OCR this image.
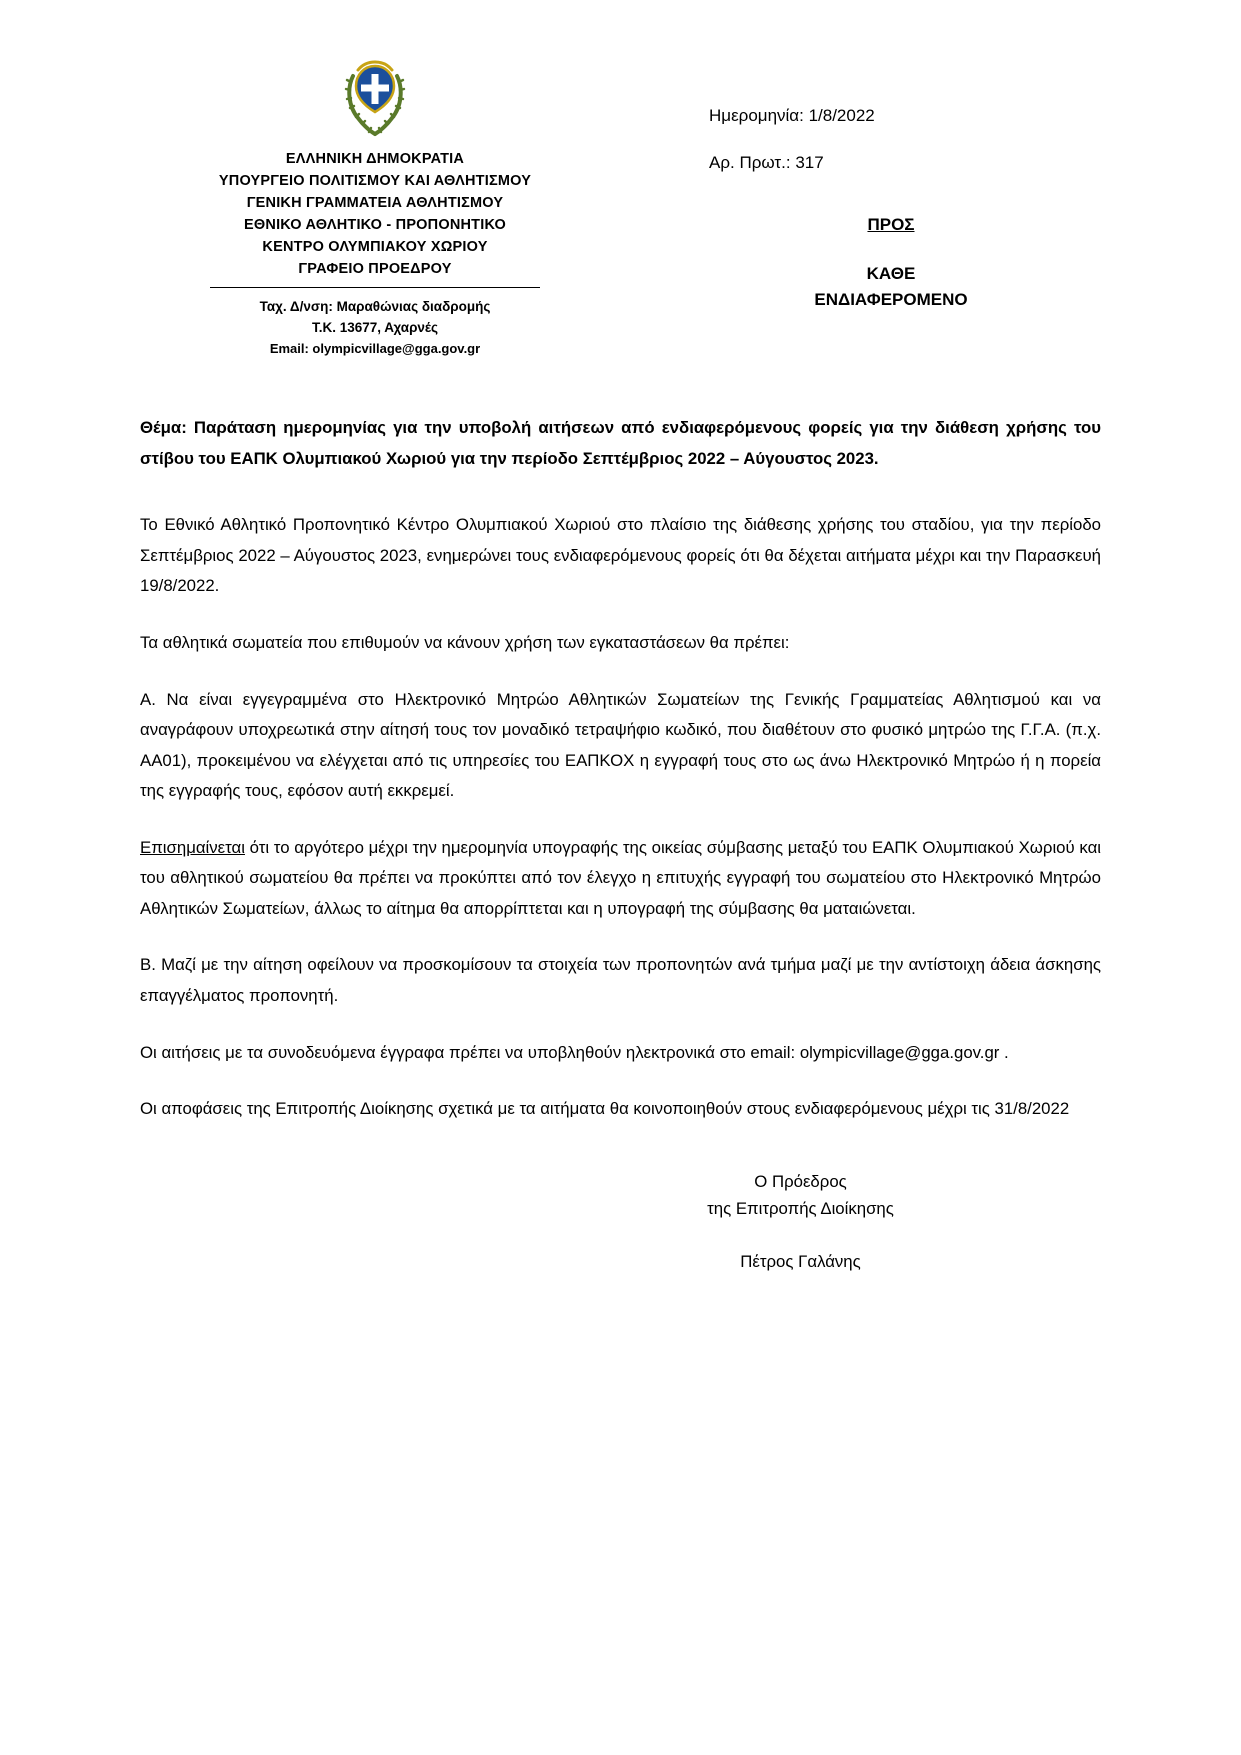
ΕΛΛΗΝΙΚΗ ΔΗΜΟΚΡΑΤΙΑ
ΥΠΟΥΡΓΕΙΟ ΠΟΛΙΤΙΣΜΟΥ ΚΑΙ ΑΘΛΗΤΙΣΜΟΥ
ΓΕΝΙΚΗ ΓΡΑΜΜΑΤΕΙΑ ΑΘΛΗΤΙΣΜΟΥ
ΕΘΝΙΚΟ ΑΘΛΗΤΙΚΟ - ΠΡΟΠΟΝΗΤΙΚΟ
ΚΕΝΤΡΟ ΟΛΥΜΠΙΑΚΟΥ ΧΩΡΙΟΥ
ΓΡΑΦΕΙΟ ΠΡΟΕΔΡΟΥ
Ταχ. Δ/νση: Μαραθώνιας διαδρομής
Τ.Κ. 13677, Αχαρνές
Email: olympicvillage@gga.gov.gr
Ημερομηνία: 1/8/2022
Αρ. Πρωτ.: 317
ΠΡΟΣ
ΚΑΘΕ
ΕΝΔΙΑΦΕΡΟΜΕΝΟ

Θέμα: Παράταση ημερομηνίας για την υποβολή αιτήσεων από ενδιαφερόμενους φορείς για την διάθεση χρήσης του στίβου του ΕΑΠΚ Ολυμπιακού Χωριού για την περίοδο Σεπτέμβριος 2022 – Αύγουστος 2023.

Το Εθνικό Αθλητικό Προπονητικό Κέντρο Ολυμπιακού Χωριού στο πλαίσιο της διάθεσης χρήσης του σταδίου, για την περίοδο Σεπτέμβριος 2022 – Αύγουστος 2023, ενημερώνει τους ενδιαφερόμενους φορείς ότι θα δέχεται αιτήματα μέχρι και την Παρασκευή 19/8/2022.

Τα αθλητικά σωματεία που επιθυμούν να κάνουν χρήση των εγκαταστάσεων θα πρέπει:

Α. Να είναι εγγεγραμμένα στο Ηλεκτρονικό Μητρώο Αθλητικών Σωματείων της Γενικής Γραμματείας Αθλητισμού και να αναγράφουν υποχρεωτικά στην αίτησή τους τον μοναδικό τετραψήφιο κωδικό, που διαθέτουν στο φυσικό μητρώο της Γ.Γ.Α. (π.χ. ΑΑ01), προκειμένου να ελέγχεται από τις υπηρεσίες του ΕΑΠΚΟΧ η εγγραφή τους στο ως άνω Ηλεκτρονικό Μητρώο ή η πορεία της εγγραφής τους, εφόσον αυτή εκκρεμεί.

Επισημαίνεται ότι το αργότερο μέχρι την ημερομηνία υπογραφής της οικείας σύμβασης μεταξύ του ΕΑΠΚ Ολυμπιακού Χωριού και του αθλητικού σωματείου θα πρέπει να προκύπτει από τον έλεγχο η επιτυχής εγγραφή του σωματείου στο Ηλεκτρονικό Μητρώο Αθλητικών Σωματείων, άλλως το αίτημα θα απορρίπτεται και η υπογραφή της σύμβασης θα ματαιώνεται.

Β. Μαζί με την αίτηση οφείλουν να προσκομίσουν τα στοιχεία των προπονητών ανά τμήμα μαζί με την αντίστοιχη άδεια άσκησης επαγγέλματος προπονητή.

Οι αιτήσεις με τα συνοδευόμενα έγγραφα πρέπει να υποβληθούν ηλεκτρονικά στο email: olympicvillage@gga.gov.gr .

Οι αποφάσεις της Επιτροπής Διοίκησης σχετικά με τα αιτήματα θα κοινοποιηθούν στους ενδιαφερόμενους μέχρι τις 31/8/2022

Ο Πρόεδρος
της Επιτροπής Διοίκησης
Πέτρος Γαλάνης
